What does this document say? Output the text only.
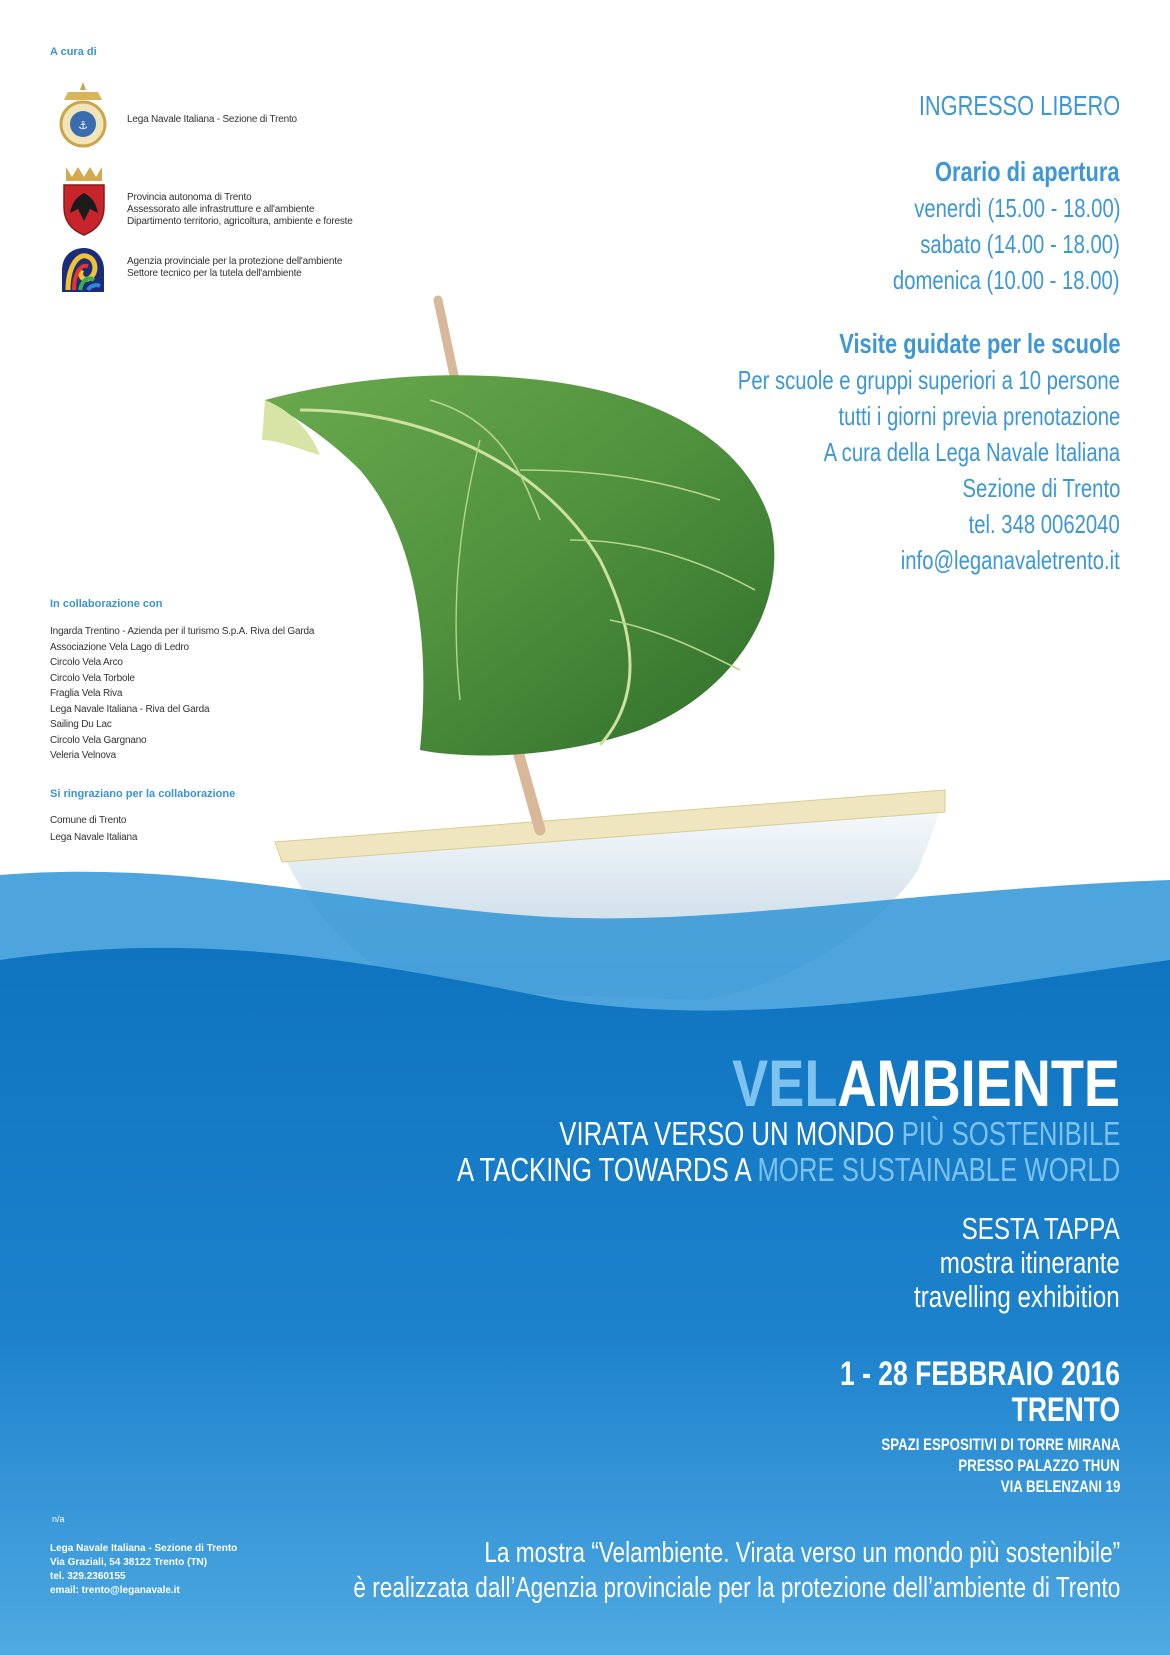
A cura di
⚓	Lega Navale Italiana - Sezione di Trento
Provincia autonoma di Trento
Assessorato alle infrastrutture e all'ambiente
Dipartimento territorio, agricoltura, ambiente e foreste
Agenzia provinciale per la protezione dell'ambiente
Settore tecnico per la tutela dell'ambiente
INGRESSO LIBERO
Orario di apertura
venerdì (15.00 - 18.00)
sabato (14.00 - 18.00)
domenica (10.00 - 18.00)
Visite guidate per le scuole
Per scuole e gruppi superiori a 10 persone
tutti i giorni previa prenotazione
A cura della Lega Navale Italiana
Sezione di Trento
tel. 348 0062040
info@leganavaletrento.it
In collaborazione con
Ingarda Trentino - Azienda per il turismo S.p.A. Riva del Garda
Associazione Vela Lago di Ledro
Circolo Vela Arco
Circolo Vela Torbole
Fraglia Vela Riva
Lega Navale Italiana - Riva del Garda
Sailing Du Lac
Circolo Vela Gargnano
Veleria Velnova
Si ringraziano per la collaborazione
Comune di Trento
Lega Navale Italiana
VELAMBIENTE
VIRATA VERSO UN MONDO PIÙ SOSTENIBILE
A TACKING TOWARDS A MORE SUSTAINABLE WORLD
SESTA TAPPA
mostra itinerante
travelling exhibition
1 - 28 FEBBRAIO 2016
TRENTO
SPAZI ESPOSITIVI DI TORRE MIRANA
PRESSO PALAZZO THUN
VIA BELENZANI 19
n/a
Lega Navale Italiana - Sezione di Trento
Via Graziali, 54 38122 Trento (TN)
tel. 329.2360155
email: trento@leganavale.it
La mostra “Velambiente. Virata verso un mondo più sostenibile”
è realizzata dall’Agenzia provinciale per la protezione dell’ambiente di Trento
